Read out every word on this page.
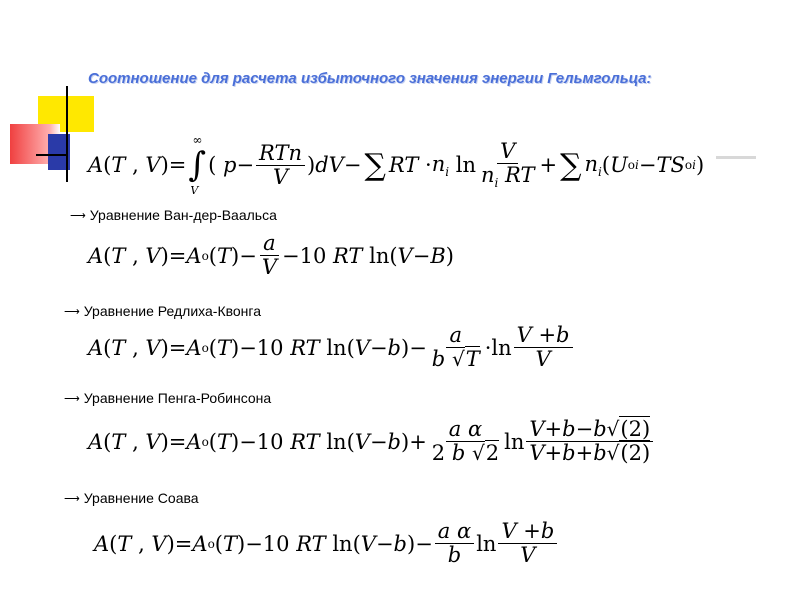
Соотношение для расчета избыточного значения энергии Гельмгольца:
A ( T , V )= ∫
∞
V
( $p - \frac{\text{RTn}}{V}$ ) dV − ∑ RT · $n_i$ $\ln \frac{V}{n_i RT}$ + ∑ $n_i$ ( U o i − TS o i )
⟶ Уравнение Ван-дер-Ваальса
A ( T , V )= A o ( T )− $\frac{a}{V} -10$ RT ln( V − B )
⟶ Уравнение Редлиха-Квонга
A ( T , V )= A o ( T )−10 RT ln( V − b )− $\frac{a}{b √T} \cdot\ln \frac{V +b}{V}$
⟶ Уравнение Пенга-Робинсона
A ( T , V )= A o ( T )−10 RT ln( V − b )+ $\frac{\text{a α}}{2 b √2}$ $\ln \frac{V+b-b√(2)}{V+b+b√(2)}$
⟶ Уравнение Соава
A ( T , V )= A o ( T )−10 RT ln( V − b )− $\frac{\text{a α}}{b}$ $\ln \frac{V +b}{V}$
